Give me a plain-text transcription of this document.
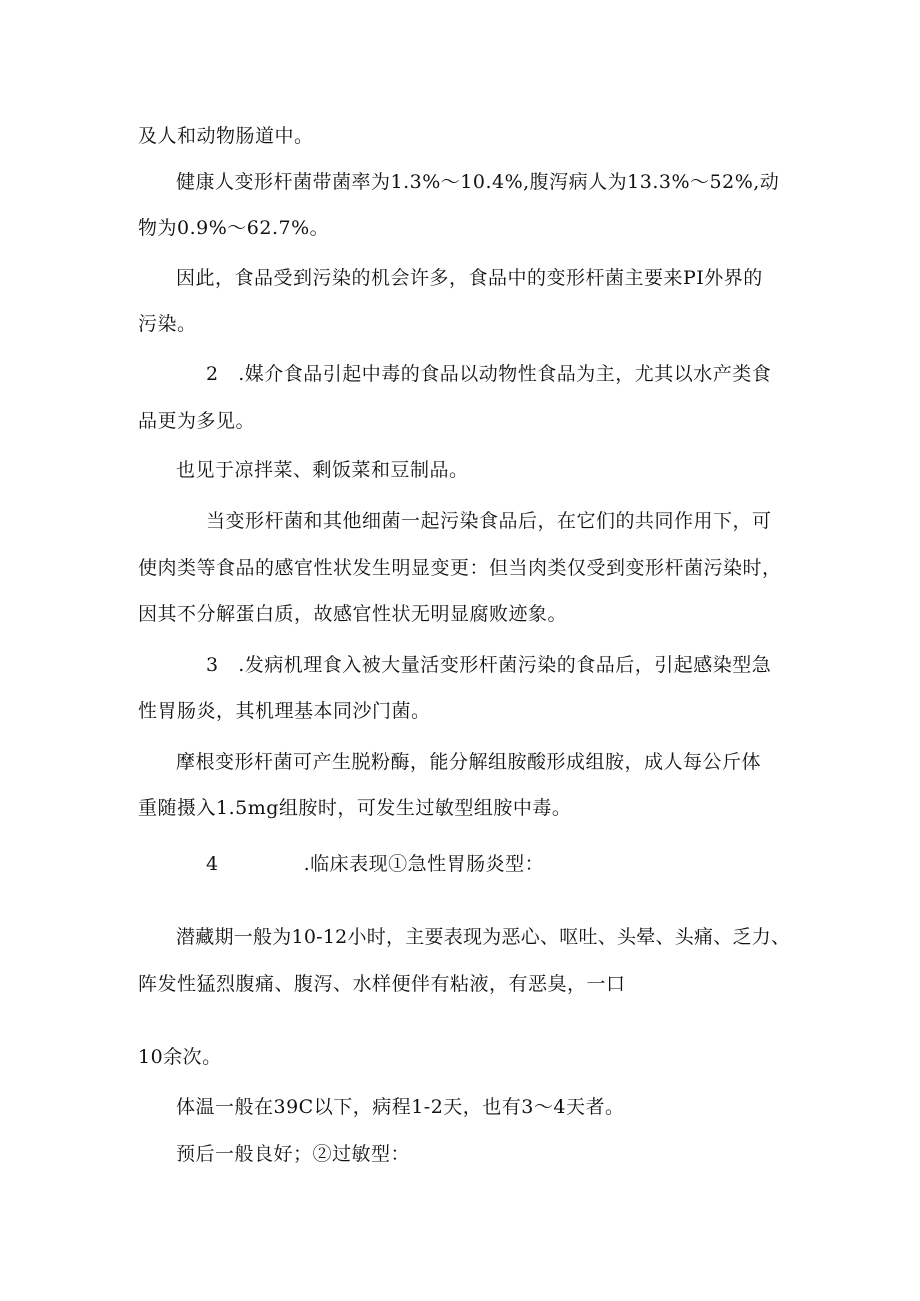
及人和动物肠道中。
健康人变形杆菌带菌率为1.3%～10.4%,腹泻病人为13.3%～52%,动
物为0.9%～62.7%。
因此，食品受到污染的机会许多，食品中的变形杆菌主要来PI外界的
污染。
2   .媒介食品引起中毒的食品以动物性食品为主，尤其以水产类食
品更为多见。
也见于凉拌菜、剩饭菜和豆制品。
当变形杆菌和其他细菌一起污染食品后，在它们的共同作用下，可
使肉类等食品的感官性状发生明显变更：但当肉类仅受到变形杆菌污染时，
因其不分解蛋白质，故感官性状无明显腐败迹象。
3   .发病机理食入被大量活变形杆菌污染的食品后，引起感染型急
性胃肠炎，其机理基本同沙门菌。
摩根变形杆菌可产生脱粉酶，能分解组胺酸形成组胺，成人每公斤体
重随摄入1.5mg组胺时，可发生过敏型组胺中毒。
4             .临床表现①急性胃肠炎型：
潜藏期一般为10-12小时，主要表现为恶心、呕吐、头晕、头痛、乏力、
阵发性猛烈腹痛、腹泻、水样便伴有粘液，有恶臭，一口
10余次。
体温一般在39C以下，病程1-2天，也有3～4天者。
预后一般良好；②过敏型：
